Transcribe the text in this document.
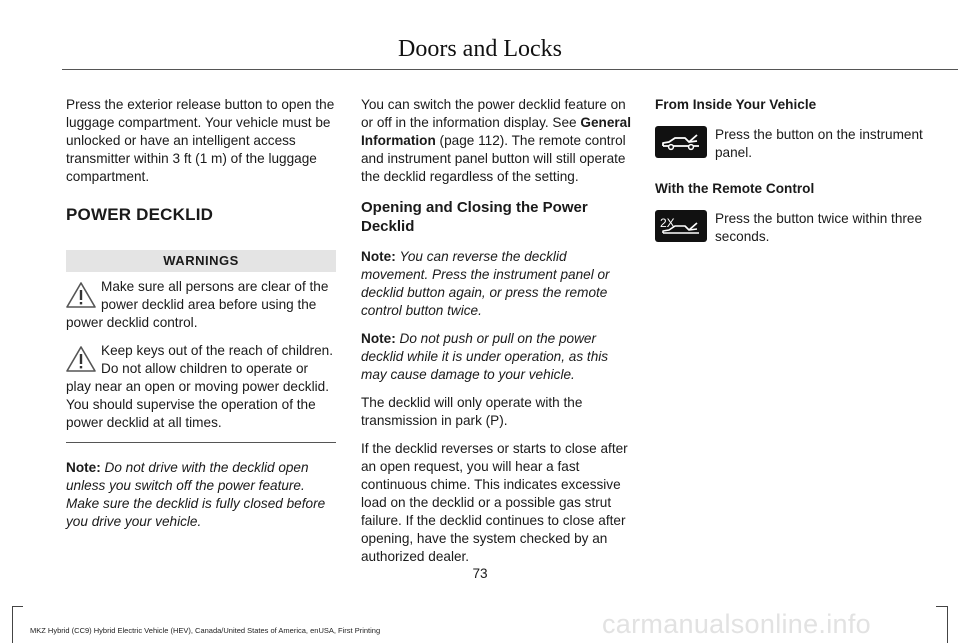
Doors and Locks

Press the exterior release button to open the luggage compartment. Your vehicle must be unlocked or have an intelligent access transmitter within 3 ft (1 m) of the luggage compartment.

POWER DECKLID
WARNINGS
Make sure all persons are clear of the power decklid area before using the power decklid control.
Keep keys out of the reach of children. Do not allow children to operate or play near an open or moving power decklid. You should supervise the operation of the power decklid at all times.

Note: Do not drive with the decklid open unless you switch off the power feature. Make sure the decklid is fully closed before you drive your vehicle.

You can switch the power decklid feature on or off in the information display. See General Information (page 112). The remote control and instrument panel button will still operate the decklid regardless of the setting.

Opening and Closing the Power Decklid

Note: You can reverse the decklid movement. Press the instrument panel or decklid button again, or press the remote control button twice.

Note: Do not push or pull on the power decklid while it is under operation, as this may cause damage to your vehicle.

The decklid will only operate with the transmission in park (P).

If the decklid reverses or starts to close after an open request, you will hear a fast continuous chime. This indicates excessive load on the decklid or a possible gas strut failure. If the decklid continues to close after opening, have the system checked by an authorized dealer.

From Inside Your Vehicle
Press the button on the instrument panel.
With the Remote Control
2X	Press the button twice within three seconds.
73
MKZ Hybrid (CC9) Hybrid Electric Vehicle (HEV), Canada/United States of America, enUSA, First Printing	carmanualsonline.info
